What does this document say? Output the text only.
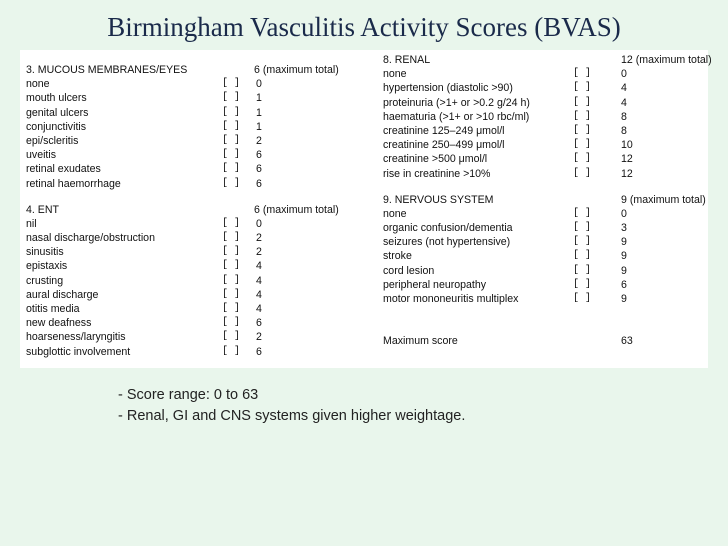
Birmingham Vasculitis Activity Scores (BVAS)
3. MUCOUS MEMBRANES/EYES	6 (maximum total)
none	[ ] 0
mouth ulcers	[ ] 1
genital ulcers	[ ] 1
conjunctivitis	[ ] 1
epi/scleritis	[ ] 2
uveitis	[ ] 6
retinal exudates	[ ] 6
retinal haemorrhage	[ ] 6
4. ENT	6 (maximum total)
nil	[ ] 0
nasal discharge/obstruction	[ ] 2
sinusitis	[ ] 2
epistaxis	[ ] 4
crusting	[ ] 4
aural discharge	[ ] 4
otitis media	[ ] 4
new deafness	[ ] 6
hoarseness/laryngitis	[ ] 2
subglottic involvement	[ ] 6
8. RENAL	12 (maximum total)
none	[ ]	0
hypertension (diastolic >90)	[ ]	4
proteinuria (>1+ or >0.2 g/24 h)	[ ]	4
haematuria (>1+ or >10 rbc/ml)	[ ]	8
creatinine 125–249 μmol/l	[ ]	8
creatinine 250–499 μmol/l	[ ]	10
creatinine >500 μmol/l	[ ]	12
rise in creatinine >10%	[ ]	12
9. NERVOUS SYSTEM	9 (maximum total)
none	[ ]	0
organic confusion/dementia	[ ]	3
seizures (not hypertensive)	[ ]	9
stroke	[ ]	9
cord lesion	[ ]	9
peripheral neuropathy	[ ]	6
motor mononeuritis multiplex	[ ]	9
Maximum score	63
- Score range: 0 to 63
- Renal, GI and CNS systems given higher weightage.
